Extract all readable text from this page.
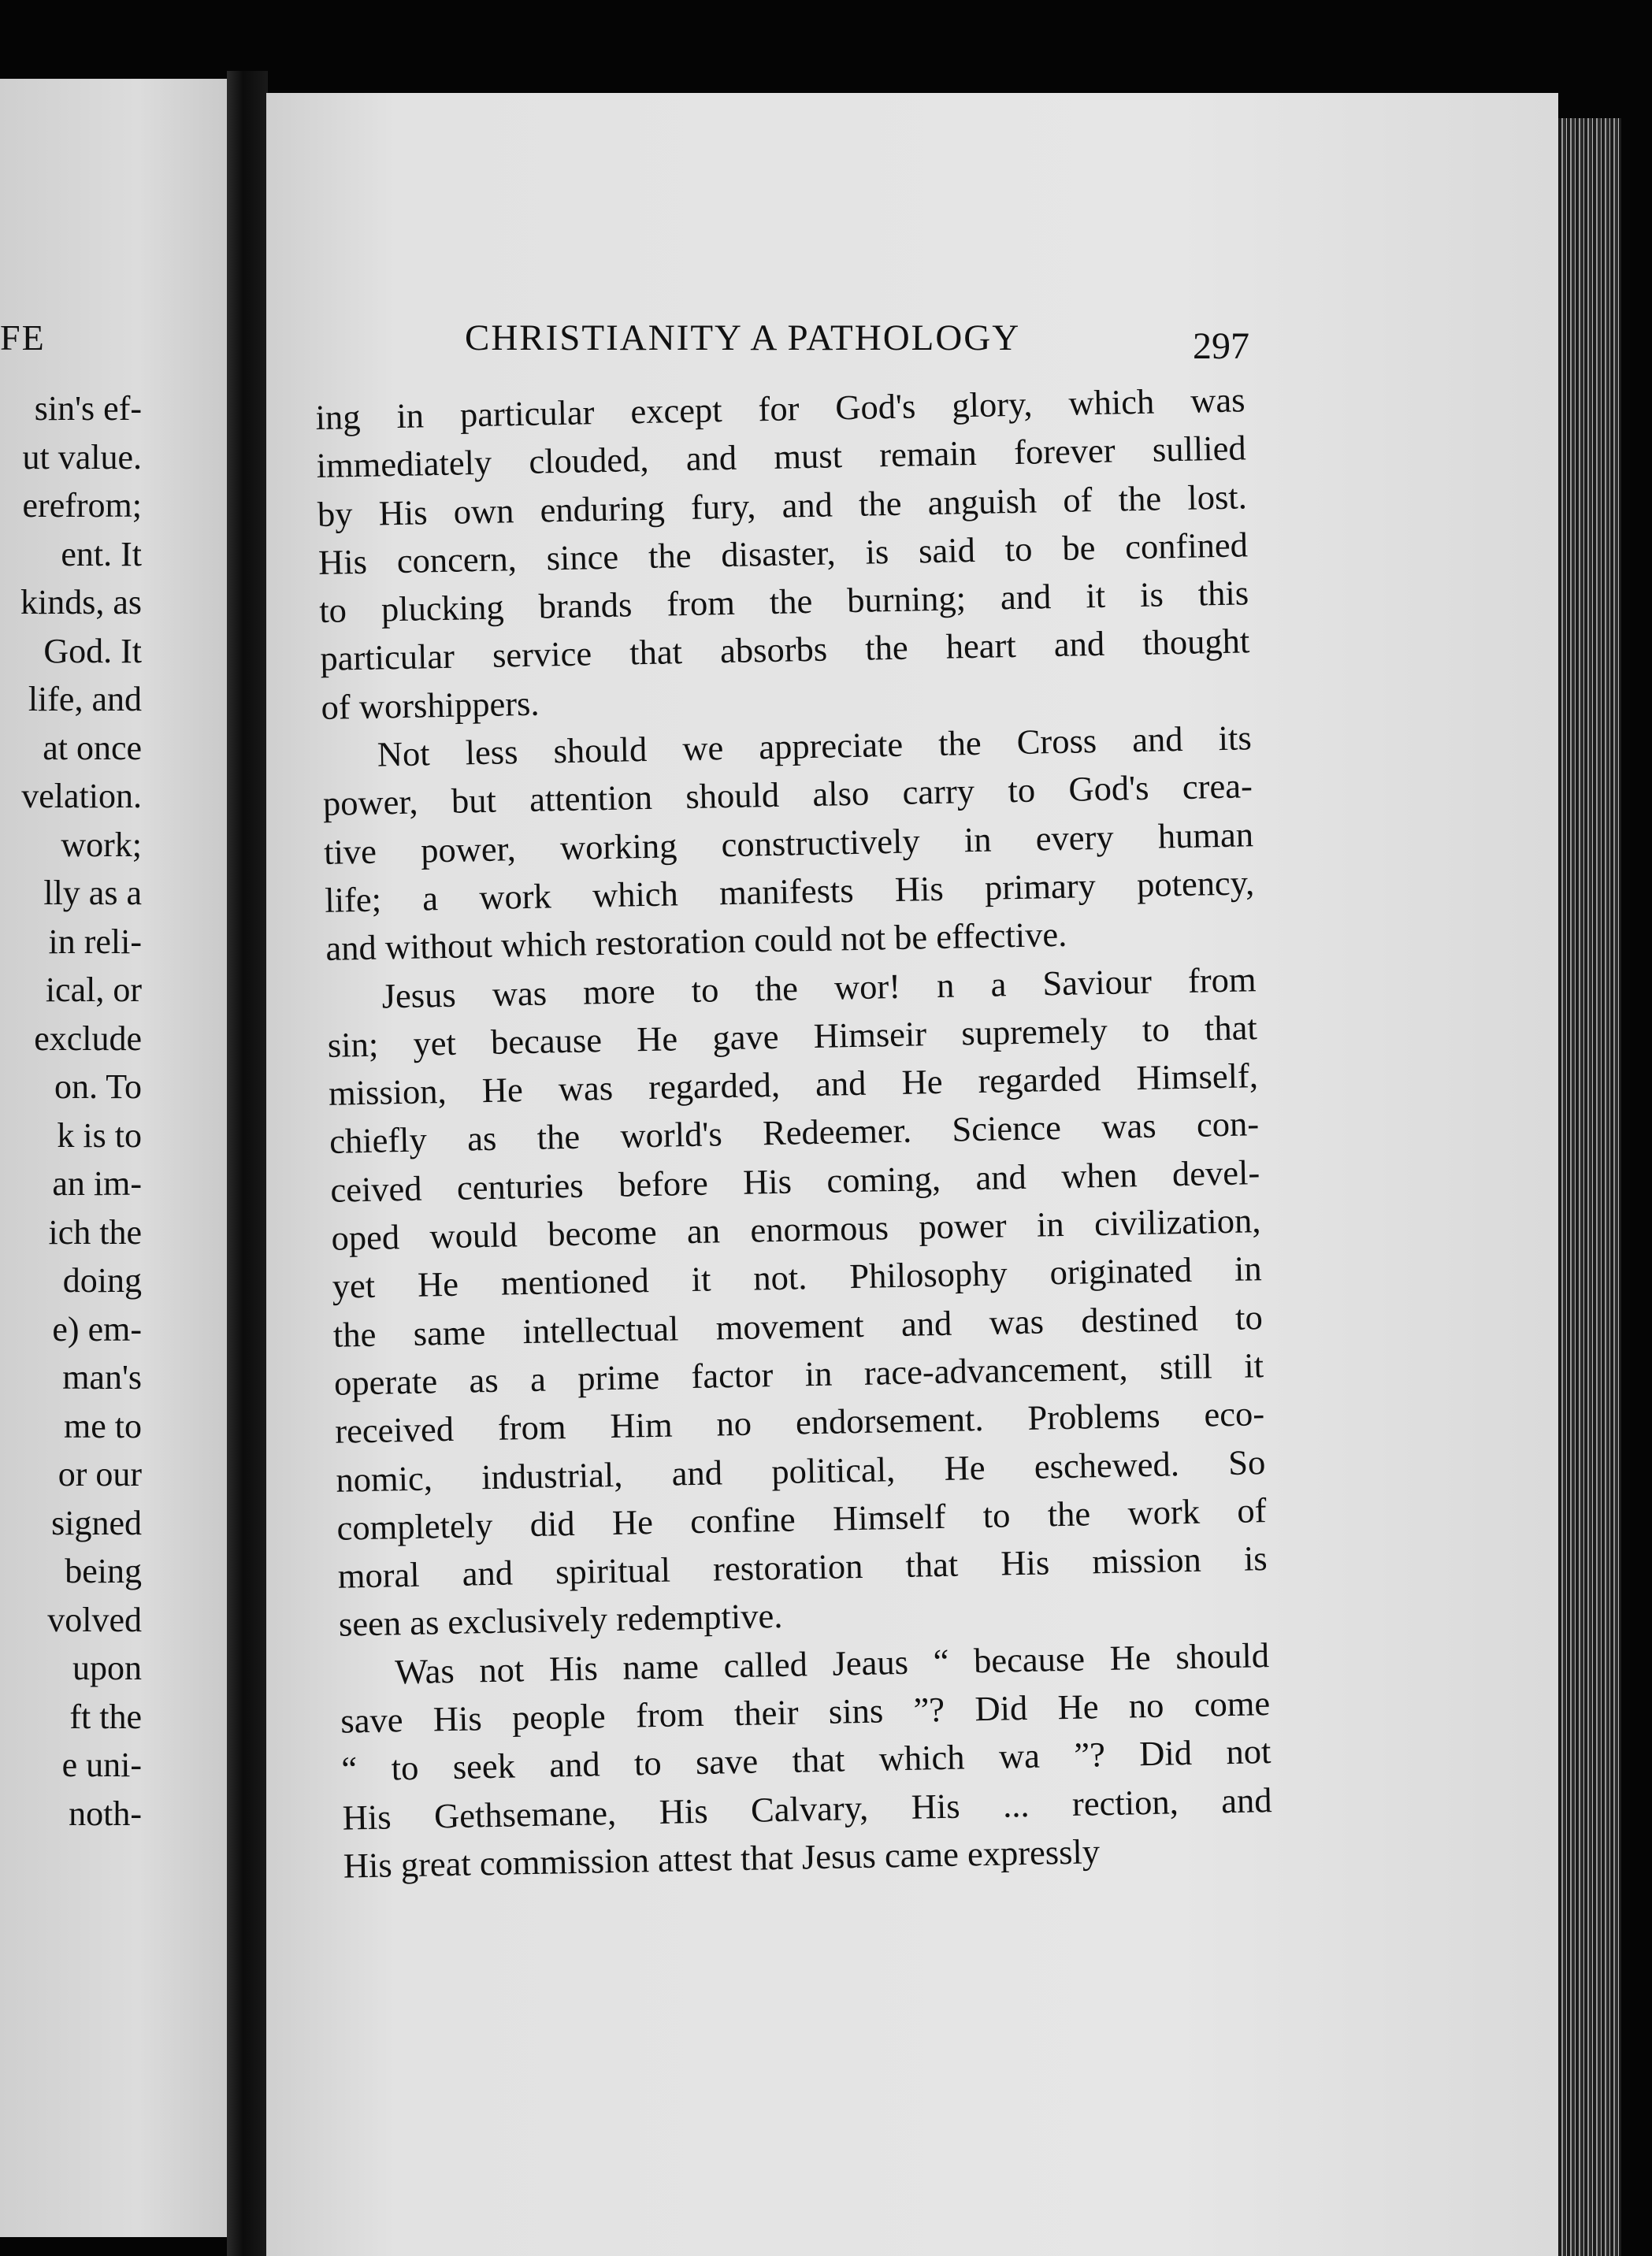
FE
sin's ef-
ut value.
erefrom;
ent. It
kinds, as
God. It
life, and
at once
velation.
work;
lly as a
in reli-
ical, or
exclude
on. To
k is to
an im-
ich the
doing
e) em-
man's
me to
or our
signed
being
volved
upon
ft the
e uni-
noth-
CHRISTIANITY A PATHOLOGY	297
ing in particular except for God's glory, which was
immediately clouded, and must remain forever sullied
by His own enduring fury, and the anguish of the lost.
His concern, since the disaster, is said to be confined
to plucking brands from the burning; and it is this
particular service that absorbs the heart and thought
of worshippers.
Not less should we appreciate the Cross and its
power, but attention should also carry to God's crea-
tive power, working constructively in every human
life; a work which manifests His primary potency,
and without which restoration could not be effective.
Jesus was more to the wor! n a Saviour from
sin; yet because He gave Himseir supremely to that
mission, He was regarded, and He regarded Himself,
chiefly as the world's Redeemer. Science was con-
ceived centuries before His coming, and when devel-
oped would become an enormous power in civilization,
yet He mentioned it not. Philosophy originated in
the same intellectual movement and was destined to
operate as a prime factor in race-advancement, still it
received from Him no endorsement. Problems eco-
nomic, industrial, and political, He eschewed. So
completely did He confine Himself to the work of
moral and spiritual restoration that His mission is
seen as exclusively redemptive.
Was not His name called Jeaus “ because He should
save His people from their sins ”? Did He no come
“ to seek and to save that which wa ”? Did not
His Gethsemane, His Calvary, His ... rection, and
His great commission attest that Jesus came expressly
